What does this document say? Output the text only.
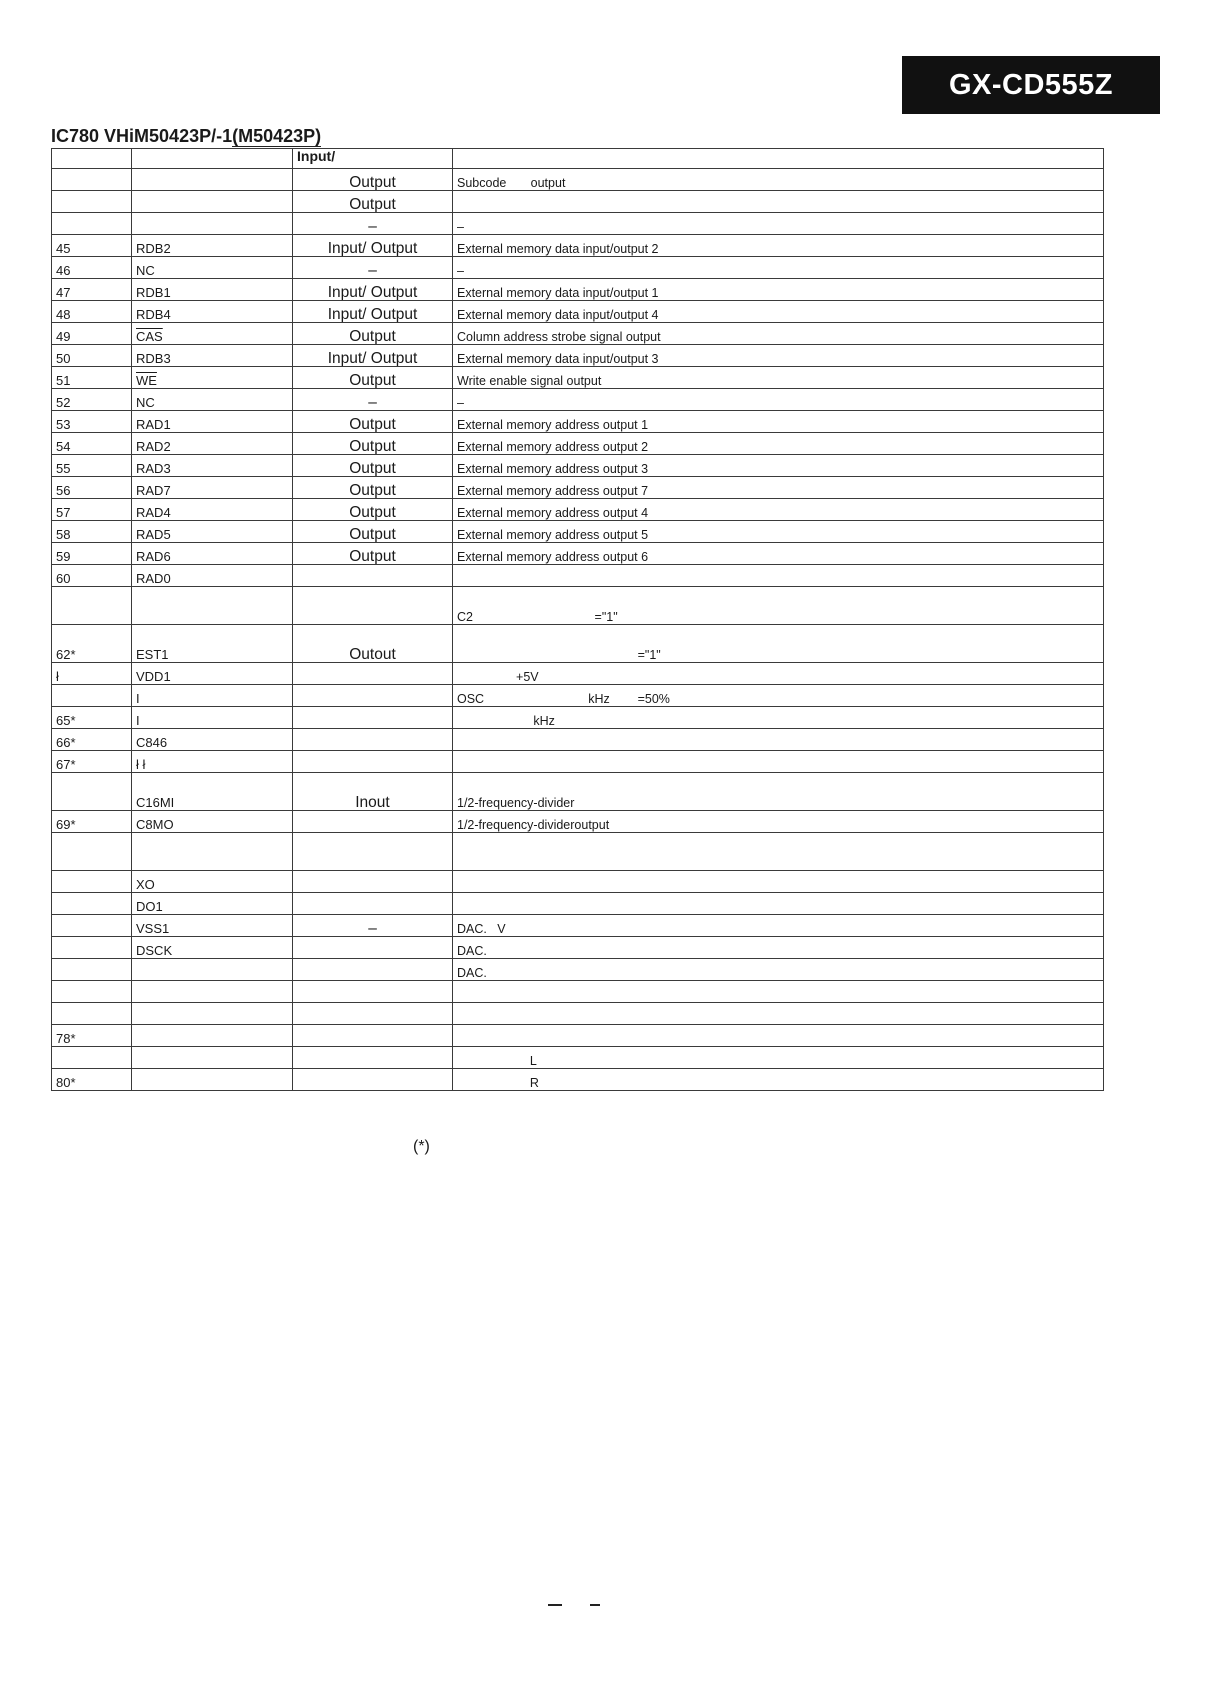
GX-CD555Z
IC780 VHiM50423P/-1(M50423P)
		Input/	
		Output	Subcode       output
		Output	
		–	–
45	RDB2	Input/ Output	External memory data input/output 2
46	NC	–	–
47	RDB1	Input/ Output	External memory data input/output 1
48	RDB4	Input/ Output	External memory data input/output 4
49	$\overline{CAS}$	Output	Column address strobe signal output
50	RDB3	Input/ Output	External memory data input/output 3
51	$\overline{WE}$	Output	Write enable signal output
52	NC	–	–
53	RAD1	Output	External memory address output 1
54	RAD2	Output	External memory address output 2
55	RAD3	Output	External memory address output 3
56	RAD7	Output	External memory address output 7
57	RAD4	Output	External memory address output 4
58	RAD5	Output	External memory address output 5
59	RAD6	Output	External memory address output 6
60	RAD0		
			C2                                   ="1"
62*	EST1	Outout	="1"
ł	VDD1		+5V
	I		OSC                              kHz        =50%
65*	I		kHz
66*	C846		
67*	ł ł		
	C16MI	Inout	1/2-frequency-divider
69*	C8MO		1/2-frequency-divideroutput

	XO		
	DO1		
	VSS1	–	DAC.   V
	DSCK		DAC.
			DAC.

78*			
			L
80*			R
(*)
